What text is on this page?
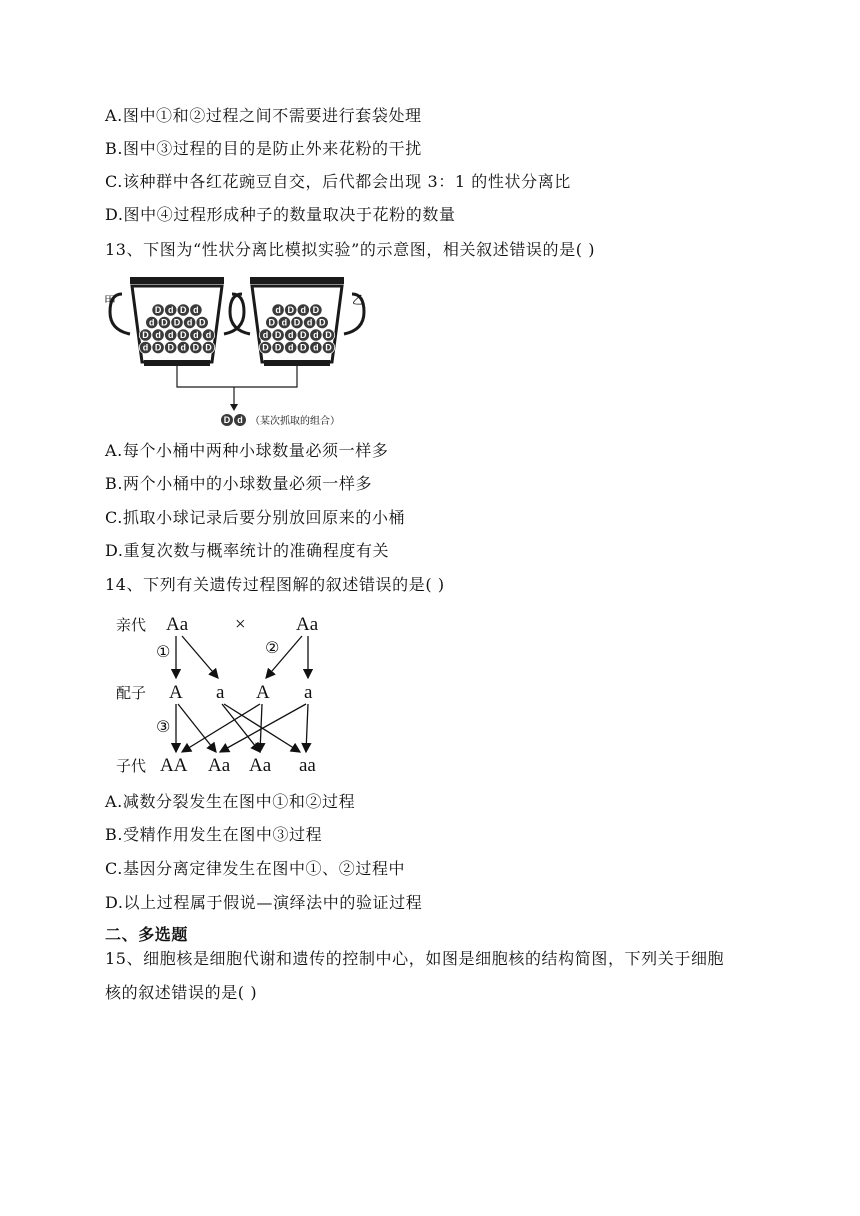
A.图中①和②过程之间不需要进行套袋处理
B.图中③过程的目的是防止外来花粉的干扰
C.该种群中各红花豌豆自交，后代都会出现 3：1 的性状分离比
D.图中④过程形成种子的数量取决于花粉的数量
13、下图为“性状分离比模拟实验”的示意图，相关叙述错误的是( )
D d D d
d D D d D
D d d D d d
d D D d D D
d D d D
D d D d D
d D d D d D
D D d D d D
甲	乙
D d （某次抓取的组合）
A.每个小桶中两种小球数量必须一样多
B.两个小桶中的小球数量必须一样多
C.抓取小球记录后要分别放回原来的小桶
D.重复次数与概率统计的准确程度有关
14、下列有关遗传过程图解的叙述错误的是( )
亲代
配子
子代
Aa ×	Aa
A a A a
AA Aa Aa aa
①	②
③
A.减数分裂发生在图中①和②过程
B.受精作用发生在图中③过程
C.基因分离定律发生在图中①、②过程中
D.以上过程属于假说—演绎法中的验证过程
二、多选题
15、细胞核是细胞代谢和遗传的控制中心，如图是细胞核的结构简图，下列关于细胞
核的叙述错误的是( )
